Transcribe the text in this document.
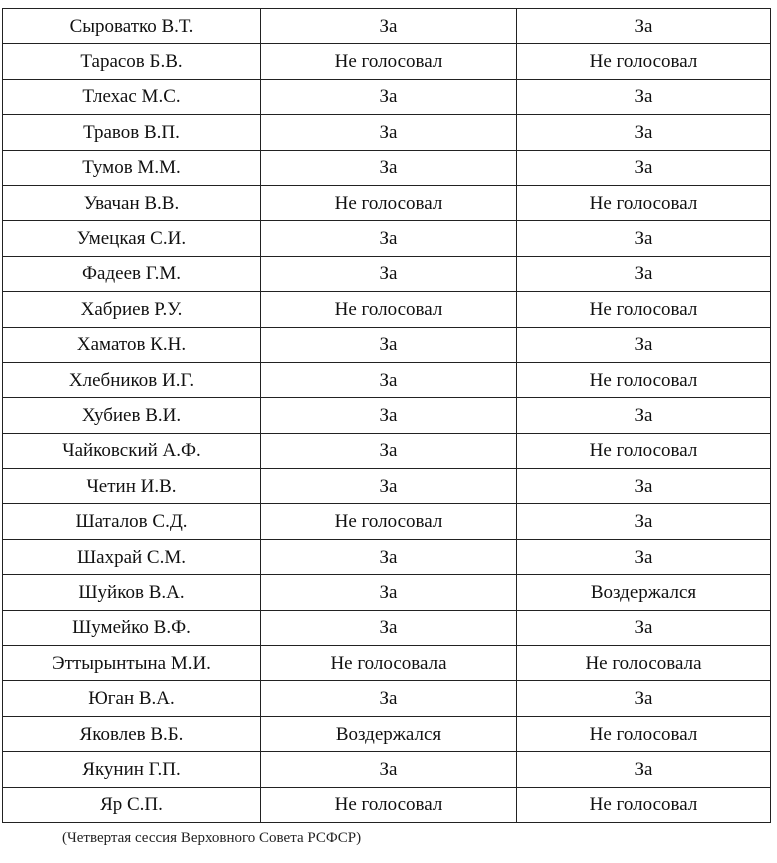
Сыроватко В.Т.	За	За
Тарасов Б.В.	Не голосовал	Не голосовал
Тлехас М.С.	За	За
Травов В.П.	За	За
Тумов М.М.	За	За
Увачан В.В.	Не голосовал	Не голосовал
Умецкая С.И.	За	За
Фадеев Г.М.	За	За
Хабриев Р.У.	Не голосовал	Не голосовал
Хаматов К.Н.	За	За
Хлебников И.Г.	За	Не голосовал
Хубиев В.И.	За	За
Чайковский А.Ф.	За	Не голосовал
Четин И.В.	За	За
Шаталов С.Д.	Не голосовал	За
Шахрай С.М.	За	За
Шуйков В.А.	За	Воздержался
Шумейко В.Ф.	За	За
Эттырынтына М.И.	Не голосовала	Не голосовала
Юган В.А.	За	За
Яковлев В.Б.	Воздержался	Не голосовал
Якунин Г.П.	За	За
Яр С.П.	Не голосовал	Не голосовал
(Четвертая сессия Верховного Совета РСФСР)
